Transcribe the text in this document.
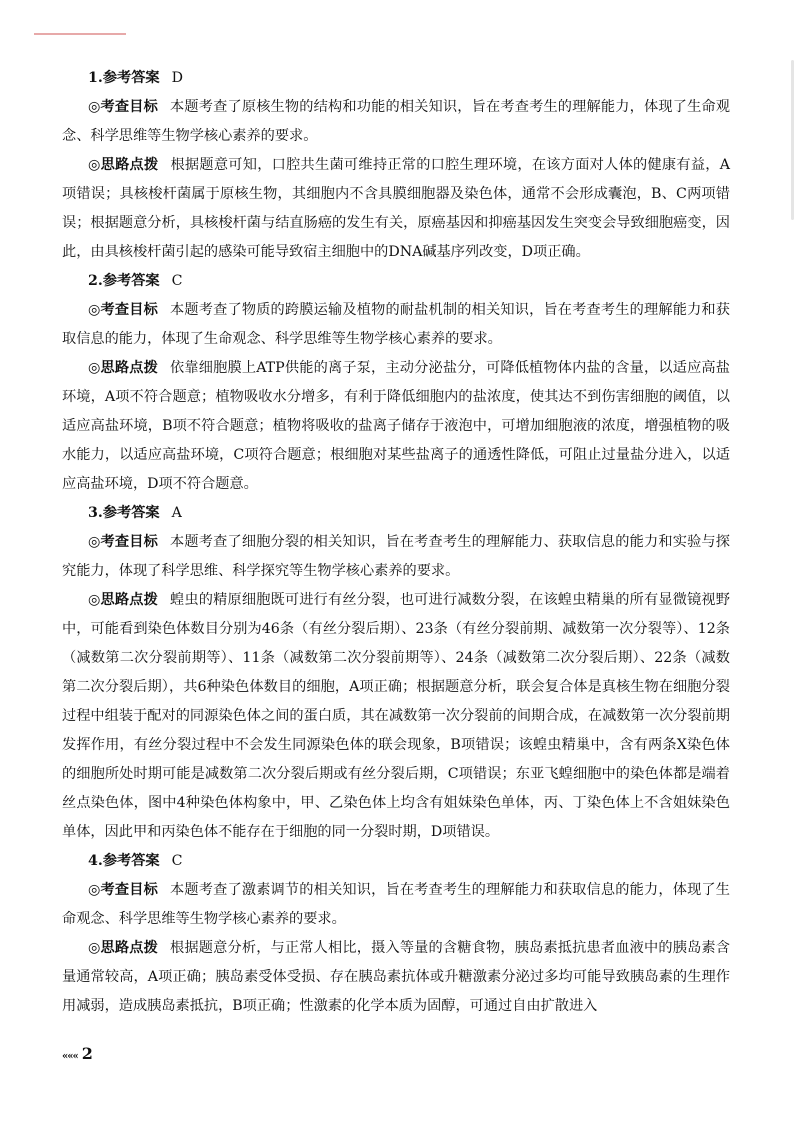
1.参考答案 D

◎考查目标 本题考查了原核生物的结构和功能的相关知识，旨在考查考生的理解能力，体现了生命观念、科学思维等生物学核心素养的要求。

◎思路点拨 根据题意可知，口腔共生菌可维持正常的口腔生理环境，在该方面对人体的健康有益，A项错误；具核梭杆菌属于原核生物，其细胞内不含具膜细胞器及染色体，通常不会形成囊泡，B、C两项错误；根据题意分析，具核梭杆菌与结直肠癌的发生有关，原癌基因和抑癌基因发生突变会导致细胞癌变，因此，由具核梭杆菌引起的感染可能导致宿主细胞中的DNA碱基序列改变，D项正确。

2.参考答案 C

◎考查目标 本题考查了物质的跨膜运输及植物的耐盐机制的相关知识，旨在考查考生的理解能力和获取信息的能力，体现了生命观念、科学思维等生物学核心素养的要求。

◎思路点拨 依靠细胞膜上ATP供能的离子泵，主动分泌盐分，可降低植物体内盐的含量，以适应高盐环境，A项不符合题意；植物吸收水分增多，有利于降低细胞内的盐浓度，使其达不到伤害细胞的阈值，以适应高盐环境，B项不符合题意；植物将吸收的盐离子储存于液泡中，可增加细胞液的浓度，增强植物的吸水能力，以适应高盐环境，C项符合题意；根细胞对某些盐离子的通透性降低，可阻止过量盐分进入，以适应高盐环境，D项不符合题意。

3.参考答案 A

◎考查目标 本题考查了细胞分裂的相关知识，旨在考查考生的理解能力、获取信息的能力和实验与探究能力，体现了科学思维、科学探究等生物学核心素养的要求。

◎思路点拨 蝗虫的精原细胞既可进行有丝分裂，也可进行减数分裂，在该蝗虫精巢的所有显微镜视野中，可能看到染色体数目分别为46条（有丝分裂后期）、23条（有丝分裂前期、减数第一次分裂等）、12条（减数第二次分裂前期等）、11条（减数第二次分裂前期等）、24条（减数第二次分裂后期）、22条（减数第二次分裂后期），共6种染色体数目的细胞，A项正确；根据题意分析，联会复合体是真核生物在细胞分裂过程中组装于配对的同源染色体之间的蛋白质，其在减数第一次分裂前的间期合成，在减数第一次分裂前期发挥作用，有丝分裂过程中不会发生同源染色体的联会现象，B项错误；该蝗虫精巢中，含有两条X染色体的细胞所处时期可能是减数第二次分裂后期或有丝分裂后期，C项错误；东亚飞蝗细胞中的染色体都是端着丝点染色体，图中4种染色体构象中，甲、乙染色体上均含有姐妹染色单体，丙、丁染色体上不含姐妹染色单体，因此甲和丙染色体不能存在于细胞的同一分裂时期，D项错误。

4.参考答案 C

◎考查目标 本题考查了激素调节的相关知识，旨在考查考生的理解能力和获取信息的能力，体现了生命观念、科学思维等生物学核心素养的要求。

◎思路点拨 根据题意分析，与正常人相比，摄入等量的含糖食物，胰岛素抵抗患者血液中的胰岛素含量通常较高，A项正确；胰岛素受体受损、存在胰岛素抗体或升糖激素分泌过多均可能导致胰岛素的生理作用减弱，造成胰岛素抵抗，B项正确；性激素的化学本质为固醇，可通过自由扩散进入

««« 2
